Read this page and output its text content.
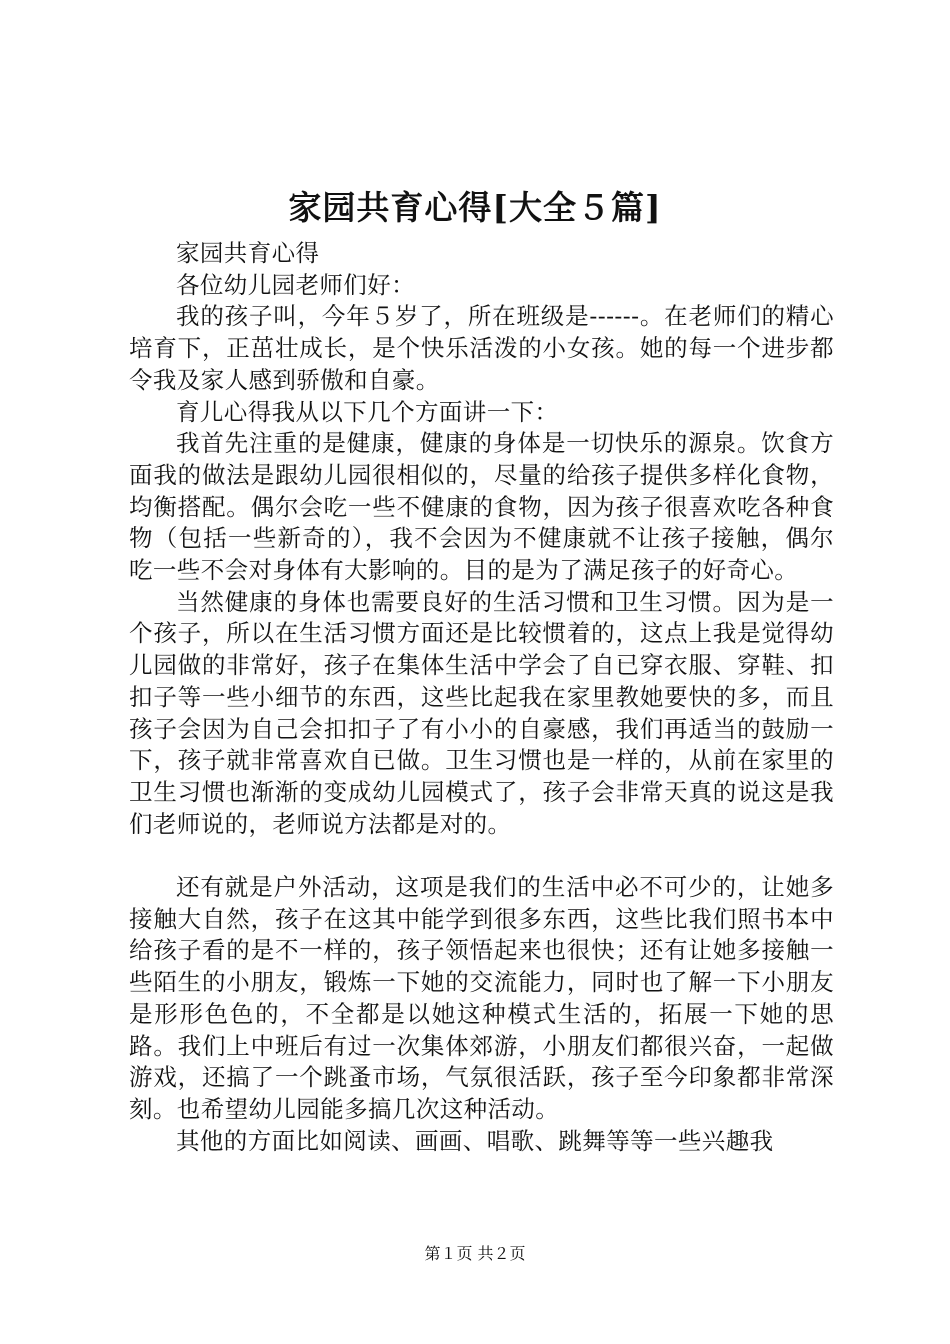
家园共育心得[大全５篇]

家园共育心得

各位幼儿园老师们好：

我的孩子叫，今年５岁了，所在班级是------。在老师们的精心培育下，正茁壮成长，是个快乐活泼的小女孩。她的每一个进步都令我及家人感到骄傲和自豪。

育儿心得我从以下几个方面讲一下：

我首先注重的是健康，健康的身体是一切快乐的源泉。饮食方面我的做法是跟幼儿园很相似的，尽量的给孩子提供多样化食物，均衡搭配。偶尔会吃一些不健康的食物，因为孩子很喜欢吃各种食物（包括一些新奇的），我不会因为不健康就不让孩子接触，偶尔吃一些不会对身体有大影响的。目的是为了满足孩子的好奇心。

当然健康的身体也需要良好的生活习惯和卫生习惯。因为是一个孩子，所以在生活习惯方面还是比较惯着的，这点上我是觉得幼儿园做的非常好，孩子在集体生活中学会了自已穿衣服、穿鞋、扣扣子等一些小细节的东西，这些比起我在家里教她要快的多，而且孩子会因为自己会扣扣子了有小小的自豪感，我们再适当的鼓励一下，孩子就非常喜欢自已做。卫生习惯也是一样的，从前在家里的卫生习惯也渐渐的变成幼儿园模式了，孩子会非常天真的说这是我们老师说的，老师说方法都是对的。

还有就是户外活动，这项是我们的生活中必不可少的，让她多接触大自然，孩子在这其中能学到很多东西，这些比我们照书本中给孩子看的是不一样的，孩子领悟起来也很快；还有让她多接触一些陌生的小朋友，锻炼一下她的交流能力，同时也了解一下小朋友是形形色色的，不全都是以她这种模式生活的，拓展一下她的思路。我们上中班后有过一次集体郊游，小朋友们都很兴奋，一起做游戏，还搞了一个跳蚤市场，气氛很活跃，孩子至今印象都非常深刻。也希望幼儿园能多搞几次这种活动。

其他的方面比如阅读、画画、唱歌、跳舞等等一些兴趣我

第１页 共２页
